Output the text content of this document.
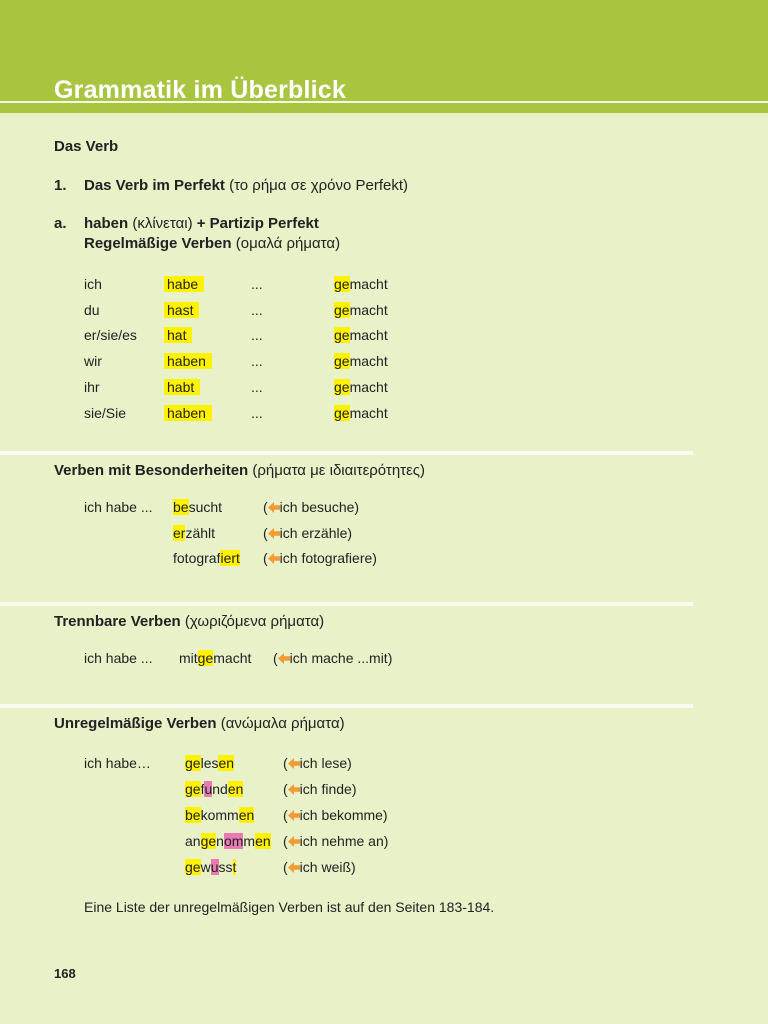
Grammatik im Überblick
Das Verb
1. Das Verb im Perfekt (το ρήμα σε χρόνο Perfekt)
a. haben (κλίνεται) + Partizip Perfekt
Regelmäßige Verben (ομαλά ρήματα)
ich	habe	...	gemacht
du	hast	...	gemacht
er/sie/es hat	...	gemacht
wir	haben	...	gemacht
ihr	habt	...	gemacht
sie/Sie	haben	...	gemacht
Verben mit Besonderheiten (ρήματα με ιδιαιτερότητες)
ich habe ... besucht	( ich besuche)
erzählt	( ich erzähle)
fotografiert ( ich fotografiere)
Trennbare Verben (χωριζόμενα ρήματα)
ich habe ... mitgemacht ( ich mache ...mit)
Unregelmäßige Verben (ανώμαλα ρήματα)
ich habe… gelesen	( ich lese)
gefunden	( ich finde)
bekommen ( ich bekomme)
angenommen ( ich nehme an)
gewusst	( ich weiß)
Eine Liste der unregelmäßigen Verben ist auf den Seiten 183-184.
168
